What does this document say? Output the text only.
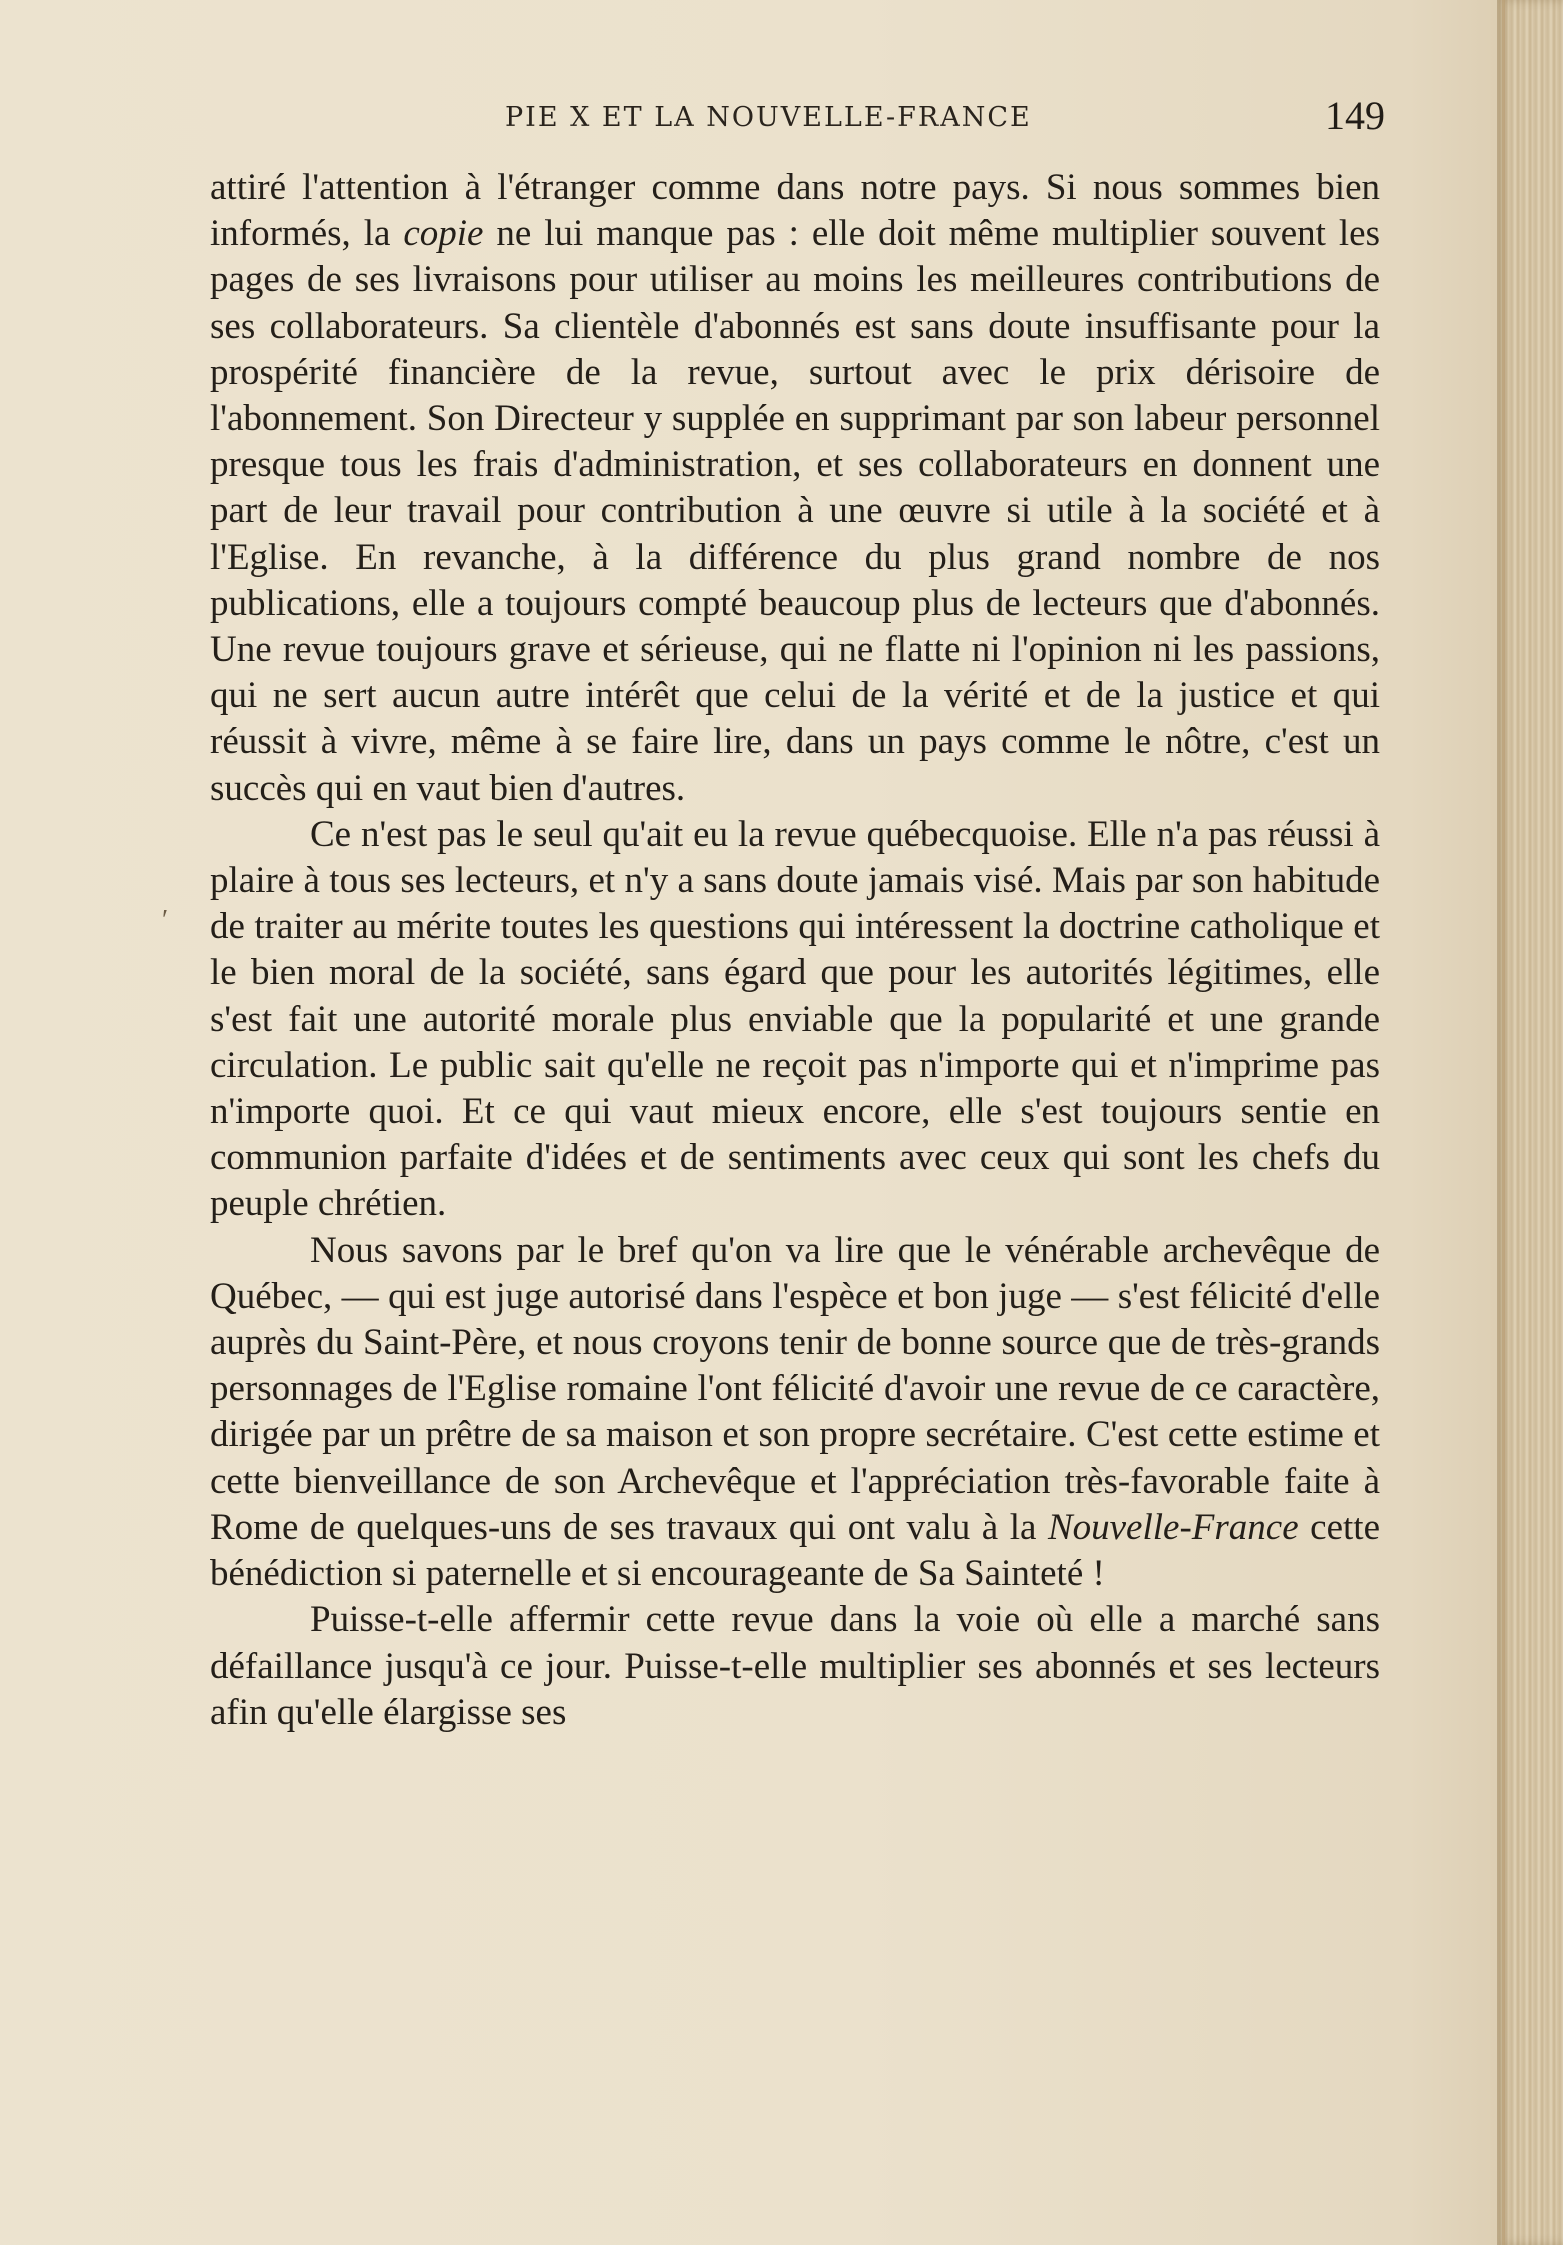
PIE X ET LA NOUVELLE-FRANCE	149
′

attiré l'attention à l'étranger comme dans notre pays. Si nous sommes bien informés, la copie ne lui manque pas : elle doit même multiplier souvent les pages de ses livraisons pour utiliser au moins les meilleures contributions de ses collaborateurs. Sa clientèle d'abonnés est sans doute insuffisante pour la prospérité financière de la revue, surtout avec le prix dérisoire de l'abonnement. Son Directeur y supplée en supprimant par son labeur personnel presque tous les frais d'administration, et ses collaborateurs en donnent une part de leur travail pour contribution à une œuvre si utile à la société et à l'Eglise. En revanche, à la différence du plus grand nombre de nos publications, elle a toujours compté beaucoup plus de lecteurs que d'abonnés. Une revue toujours grave et sérieuse, qui ne flatte ni l'opinion ni les passions, qui ne sert aucun autre intérêt que celui de la vérité et de la justice et qui réussit à vivre, même à se faire lire, dans un pays comme le nôtre, c'est un succès qui en vaut bien d'autres.

Ce n'est pas le seul qu'ait eu la revue québecquoise. Elle n'a pas réussi à plaire à tous ses lecteurs, et n'y a sans doute jamais visé. Mais par son habitude de traiter au mérite toutes les questions qui intéressent la doctrine catholique et le bien moral de la société, sans égard que pour les autorités légitimes, elle s'est fait une autorité morale plus enviable que la popularité et une grande circulation. Le public sait qu'elle ne reçoit pas n'importe qui et n'imprime pas n'importe quoi. Et ce qui vaut mieux encore, elle s'est toujours sentie en communion parfaite d'idées et de sentiments avec ceux qui sont les chefs du peuple chrétien.

Nous savons par le bref qu'on va lire que le vénérable archevêque de Québec, — qui est juge autorisé dans l'espèce et bon juge — s'est félicité d'elle auprès du Saint-Père, et nous croyons tenir de bonne source que de très-grands personnages de l'Eglise romaine l'ont félicité d'avoir une revue de ce caractère, dirigée par un prêtre de sa maison et son propre secrétaire. C'est cette estime et cette bienveillance de son Archevêque et l'appréciation très-favorable faite à Rome de quelques-uns de ses travaux qui ont valu à la Nouvelle-France cette bénédiction si paternelle et si encourageante de Sa Sainteté !

Puisse-t-elle affermir cette revue dans la voie où elle a marché sans défaillance jusqu'à ce jour. Puisse-t-elle multiplier ses abonnés et ses lecteurs afin qu'elle élargisse ses
